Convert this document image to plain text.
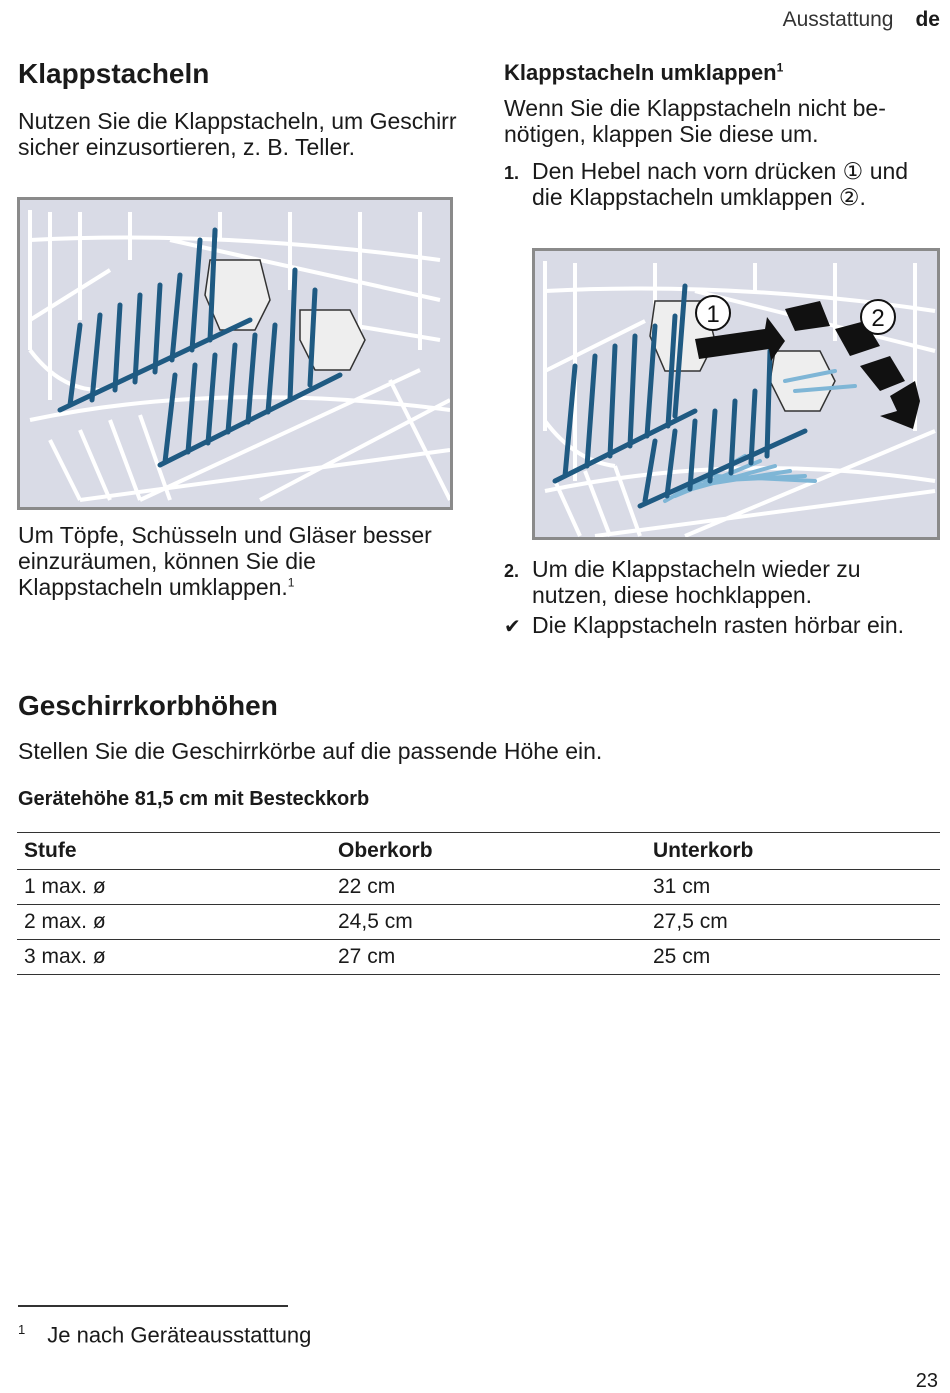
Ausstattung de
Klappstacheln

Nutzen Sie die Klappstacheln, um Geschirr sicher einzusortieren, z. B. Teller.

Um Töpfe, Schüsseln und Gläser besser einzuräumen, können Sie die Klappstacheln umklappen.$^1$

Klappstacheln umklappen$^1$

Wenn Sie die Klappstacheln nicht be-nötigen, klappen Sie diese um.

1. Den Hebel nach vorn drücken ① und die Klappstacheln umklappen ②.
1	2
2. Um die Klappstacheln wieder zu nutzen, diese hochklappen.
✔ Die Klappstacheln rasten hörbar ein.
Geschirrkorbhöhen

Stellen Sie die Geschirrkörbe auf die passende Höhe ein.

Gerätehöhe 81,5 cm mit Besteckkorb
Stufe	Oberkorb	Unterkorb
1 max. ø	22 cm	31 cm
2 max. ø	24,5 cm	27,5 cm
3 max. ø	27 cm	25 cm
$^1$ Je nach Geräteausstattung
23
